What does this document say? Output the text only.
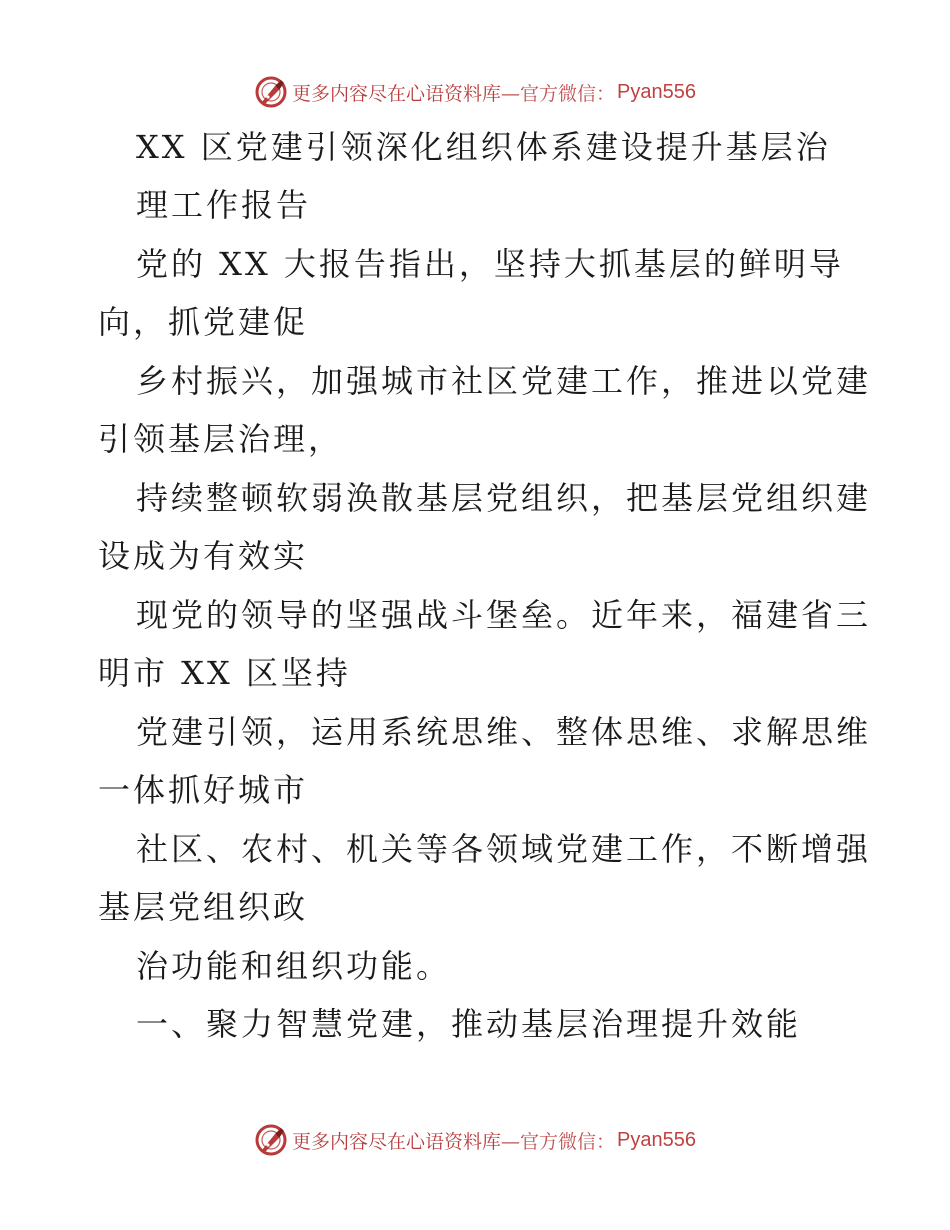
更多内容尽在心语资料库 —官方微信： Pyan556
XX 区党建引领深化组织体系建设提升基层治
理工作报告
党的 XX 大报告指出，坚持大抓基层的鲜明导
向，抓党建促
乡村振兴，加强城市社区党建工作，推进以党建
引领基层治理，
持续整顿软弱涣散基层党组织，把基层党组织建
设成为有效实
现党的领导的坚强战斗堡垒。近年来，福建省三
明市 XX 区坚持
党建引领，运用系统思维、整体思维、求解思维
一体抓好城市
社区、农村、机关等各领域党建工作，不断增强
基层党组织政
治功能和组织功能。
一、聚力智慧党建，推动基层治理提升效能
更多内容尽在心语资料库 —官方微信： Pyan556
